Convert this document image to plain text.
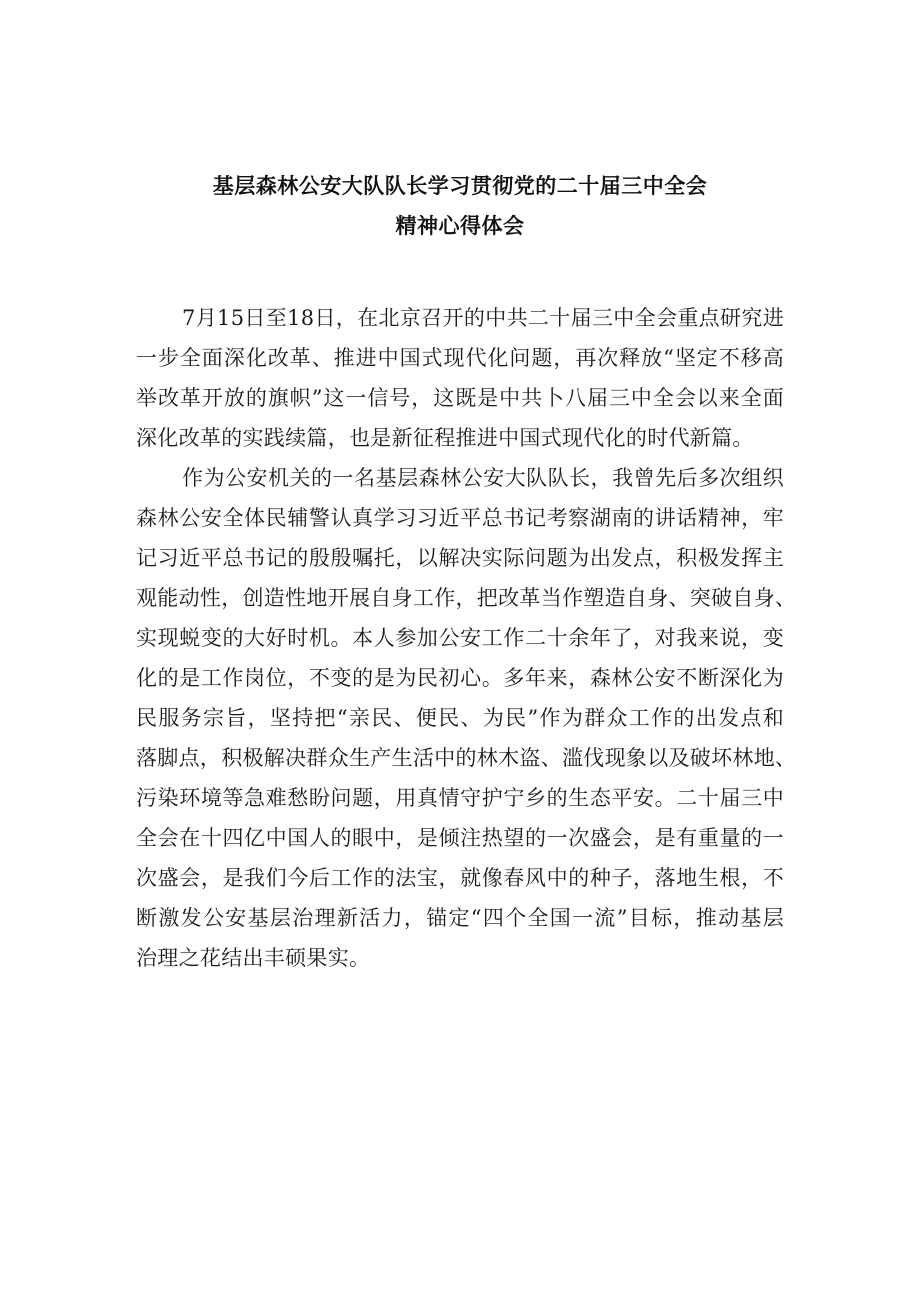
基层森林公安大队队长学习贯彻党的二十届三中全会
精神心得体会
7月15日至18日，在北京召开的中共二十届三中全会重点研究进
一步全面深化改革、推进中国式现代化问题，再次释放“坚定不移高
举改革开放的旗帜”这一信号，这既是中共卜八届三中全会以来全面
深化改革的实践续篇，也是新征程推进中国式现代化的时代新篇。
作为公安机关的一名基层森林公安大队队长，我曾先后多次组织
森林公安全体民辅警认真学习习近平总书记考察湖南的讲话精神，牢
记习近平总书记的殷殷嘱托，以解决实际问题为出发点，积极发挥主
观能动性，创造性地开展自身工作，把改革当作塑造自身、突破自身、
实现蜕变的大好时机。本人参加公安工作二十余年了，对我来说，变
化的是工作岗位，不变的是为民初心。多年来，森林公安不断深化为
民服务宗旨，坚持把“亲民、便民、为民”作为群众工作的出发点和
落脚点，积极解决群众生产生活中的林木盗、滥伐现象以及破坏林地、
污染环境等急难愁盼问题，用真情守护宁乡的生态平安。二十届三中
全会在十四亿中国人的眼中，是倾注热望的一次盛会，是有重量的一
次盛会，是我们今后工作的法宝，就像春风中的种子，落地生根，不
断激发公安基层治理新活力，锚定“四个全国一流”目标，推动基层
治理之花结出丰硕果实。
